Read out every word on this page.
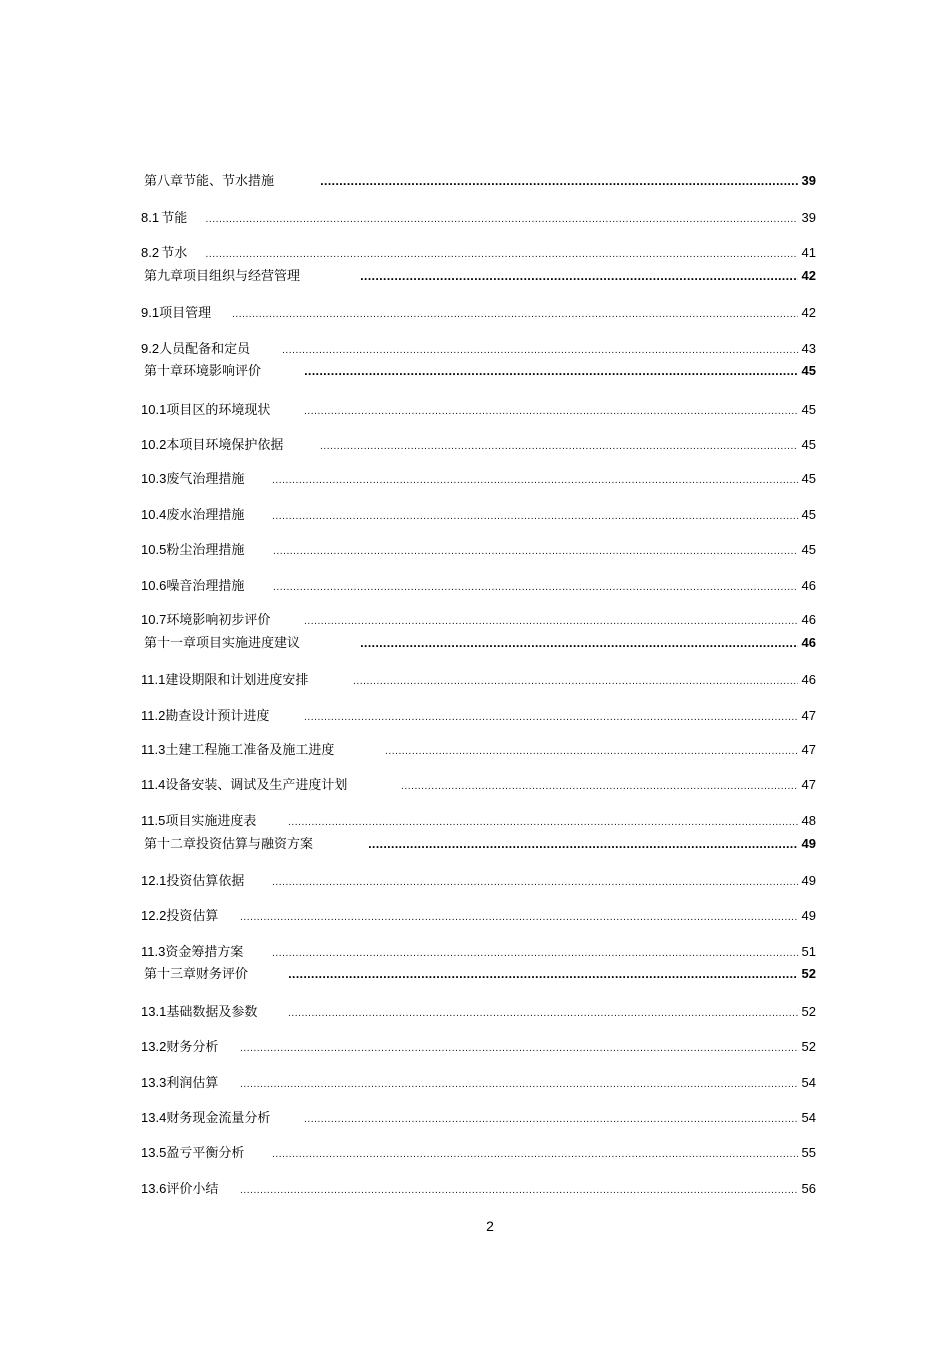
第八章 节能、节水措施 .....	39
8.1 节能 .....	39
8.2 节水 .....	41
第九章 项目组织与经营管理 .....	42
9.1 项目管理 .....	42
9.2 人员配备和定员 .....	43
第十章 环境影响评价 .....	45
10.1 项目区的环境现状 .....	45
10.2 本项目环境保护依据 .....	45
10.3 废气治理措施 .....	45
10.4 废水治理措施 .....	45
10.5 粉尘治理措施 .....	45
10.6 噪音治理措施 .....	46
10.7 环境影响初步评价 .....	46
第十一章 项目实施进度建议 .....	46
11.1 建设期限和计划进度安排 .....	46
11.2 勘查设计预计进度 .....	47
11.3 土建工程施工准备及施工进度 .....	47
11.4 设备安装、调试及生产进度计划 .....	47
11.5 项目实施进度表 .....	48
第十二章 投资估算与融资方案 .....	49
12.1 投资估算依据 .....	49
12.2 投资估算 .....	49
11.3 资金筹措方案 .....	51
第十三章 财务评价 .....	52
13.1 基础数据及参数 .....	52
13.2 财务分析 .....	52
13.3 利润估算 .....	54
13.4 财务现金流量分析 .....	54
13.5 盈亏平衡分析 .....	55
13.6 评价小结 .....	56
2
